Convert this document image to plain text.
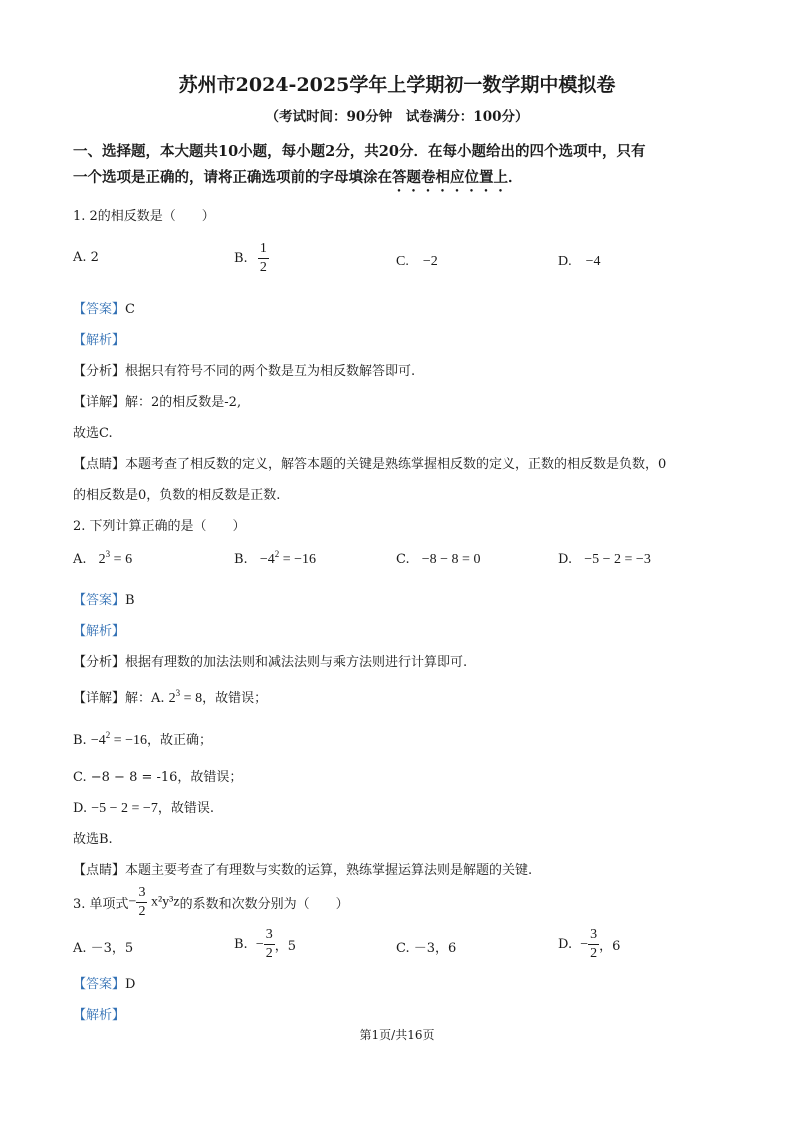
苏州市2024-2025学年上学期初一数学期中模拟卷
（考试时间：90分钟　试卷满分：100分）
一、选择题，本大题共10小题，每小题2分，共20分．在每小题给出的四个选项中，只有
一个选项是正确的，请将正确选项前的字母填涂在答题卷相应位置上．
1. 2的相反数是（　　）
A. 2	B. $\frac{1}{2}$	C.　−2	D.　−4
【答案】C
【解析】
【分析】根据只有符号不同的两个数是互为相反数解答即可.
【详解】解：2的相反数是-2,
故选C.
【点睛】本题考查了相反数的定义，解答本题的关键是熟练掌握相反数的定义，正数的相反数是负数，0
的相反数是0，负数的相反数是正数.
2. 下列计算正确的是（　　）
A. $2^3 = 6$	B. $-4^2 = -16$	C. −8 − 8 = 0	D. −5 − 2 = −3
【答案】B
【解析】
【分析】根据有理数的加法法则和减法法则与乘方法则进行计算即可.
【详解】解：A. $2^3 = 8$，故错误；
B. $-4^2 = -16$，故正确；
C. −8 − 8 = -16，故错误；
D. −5 − 2 = −7，故错误.
故选B.
【点睛】本题主要考查了有理数与实数的运算，熟练掌握运算法则是解题的关键.
3. 单项式− $\frac{3}{2} x^2y^3z$的系数和次数分别为（　　）
A. －3，5	B. − $\frac{3}{2}$ ，5	C. －3，6	D. − $\frac{3}{2}$ ，6
【答案】D
【解析】
第1页/共16页
